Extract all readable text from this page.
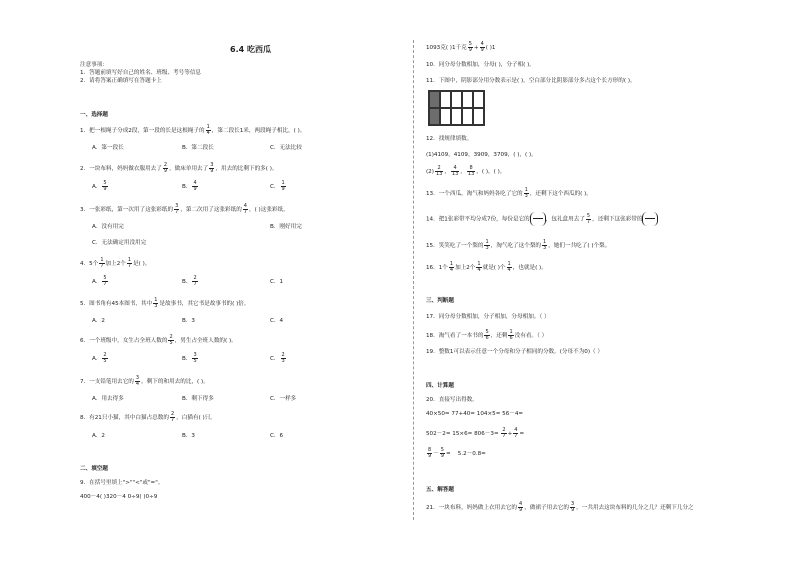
6.4 吃西瓜
注意事项：
1．答题前填写好自己的姓名、班级、考号等信息
2．请将答案正确填写在答题卡上
一、选择题
1．把一根绳子分成2段，第一段的长是这根绳子的 $\frac{1}{4}$ ，第二段长1米，两段绳子相比，( )。
A．第一段长	B．第二段长	C．无法比较
2．一块布料，妈妈做衣服用去了 $\frac{2}{9}$ ，做床单用去了 $\frac{3}{9}$ ，用去的比剩下的多( )。
A． $\frac{5}{9}$	B． $\frac{4}{9}$	C． $\frac{1}{9}$
3．一张彩纸，第一次用了这张彩纸的 $\frac{3}{7}$ ，第二次用了这张彩纸的 $\frac{4}{7}$ ，( )这张彩纸。
A．没有用完	B．刚好用完
C．无法确定用没用完
4．5个 $\frac{1}{7}$ 加上2个 $\frac{1}{7}$ 是( )。
A． $\frac{5}{7}$	B． $\frac{2}{7}$	C．1
5．图书角有45本图书，其中 $\frac{1}{3}$ 是故事书，其它书是故事书的( )倍。
A．2	B．3	C．4
6．一个班级中，女生占全班人数的 $\frac{2}{5}$ ，男生占全班人数的( )。
A． $\frac{2}{5}$	B． $\frac{3}{5}$	C． $\frac{2}{3}$
7．一支铅笔用去它的 $\frac{3}{4}$ ，剩下的和用去的比，( )。
A．用去得多	B．剩下得多	C．一样多
8．有21只小猫，其中白猫占总数的 $\frac{2}{7}$ ，白猫有( )只。
A．2	B．3	C．6
二、填空题
9．在括号里填上">""<"或"="。
400－4( )320－4 0÷9( )0÷9
1093克( )1千克 $\frac{5}{9} + \frac{4}{9}$ ( )1
10．同分母分数相加，分母( )，分子相( )。
11．下图中，阴影部分用分数表示是( )，空白部分比阴影部分多占这个长方形的( )。
12．找规律填数。
(1)4109，4109，3909，3709，( )，( )。
$(2) \frac{2}{13}$ ， $\frac{4}{13}$ ， $\frac{8}{13}$ ，( )，( )。
13．一个西瓜，淘气和妈妈各吃了它的 $\frac{1}{3}$ ，还剩下这个西瓜的( )。
14．把1张彩带平均分成7份，每份是它的	，包礼盒用去了 $\frac{5}{7}$ ，还剩下这张彩带的
15．笑笑吃了一个梨的 $\frac{1}{3}$ ，淘气吃了这个梨的 $\frac{1}{3}$ ，她们一共吃了( )个梨。
16．1个 $\frac{1}{4}$ 加上2个 $\frac{1}{4}$ 就是( )个 $\frac{1}{4}$ ，也就是( )。
三、判断题
17．同分母分数相加，分子相加，分母相加。（ ）
18．淘气看了一本书的 $\frac{5}{6}$ ，还剩 $\frac{1}{6}$ 没有看。（ ）
19．整数1可以表示任意一个分母和分子相同的分数。(分母不为0)（ ）
四、计算题
20．直接写出得数。
40×50= 77+40= 104×5= 56－4=
$502-2= 15\times 6= 806-3= \frac{2}{7} + \frac{4}{7}$ =
$\frac{8}{9} - \frac{5}{9}$ =    5.2－0.8=
五、解答题
21．一块布料，妈妈做上衣用去它的 $\frac{4}{9}$ ，做裙子用去它的 $\frac{3}{9}$ ，一共用去这块布料的几分之几？还剩下几分之
